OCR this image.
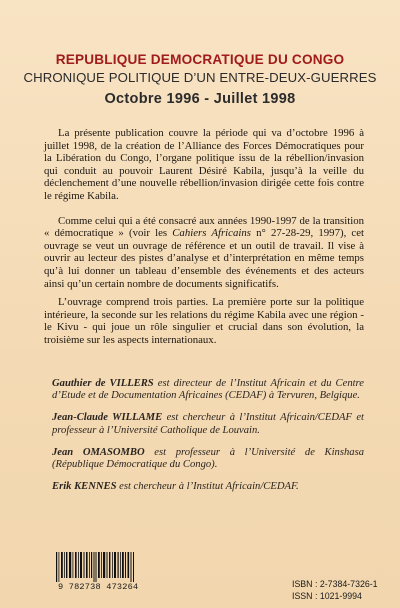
REPUBLIQUE DEMOCRATIQUE DU CONGO
CHRONIQUE POLITIQUE D’UN ENTRE-DEUX-GUERRES
Octobre 1996 - Juillet 1998

La présente publication couvre la période qui va d’octobre 1996 à juillet 1998, de la création de l’Alliance des Forces Démocratiques pour la Libération du Congo, l’organe politique issu de la rébellion/invasion qui conduit au pouvoir Laurent Désiré Kabila, jusqu’à la veille du déclenchement d’une nouvelle rébellion/invasion dirigée cette fois contre le régime Kabila.

Comme celui qui a été consacré aux années 1990-1997 de la transition « démocratique » (voir les Cahiers Africains n° 27-28-29, 1997), cet ouvrage se veut un ouvrage de référence et un outil de travail. Il vise à ouvrir au lecteur des pistes d’analyse et d’interprétation en même temps qu’à lui donner un tableau d’ensemble des événements et des acteurs ainsi qu’un certain nombre de documents significatifs.

L’ouvrage comprend trois parties. La première porte sur la politique intérieure, la seconde sur les relations du régime Kabila avec une région - le Kivu - qui joue un rôle singulier et crucial dans son évolution, la troisième sur les aspects internationaux.

Gauthier de VILLERS est directeur de l’Institut Africain et du Centre d’Etude et de Documentation Africaines (CEDAF) à Tervuren, Belgique.

Jean-Claude WILLAME est chercheur à l’Institut Africain/CEDAF et professeur à l’Université Catholique de Louvain.

Jean OMASOMBO est professeur à l’Université de Kinshasa (République Démocratique du Congo).

Erik KENNES est chercheur à l’Institut Africain/CEDAF.

9 782738 473264	ISBN : 2-7384-7326-1
ISSN : 1021-9994
